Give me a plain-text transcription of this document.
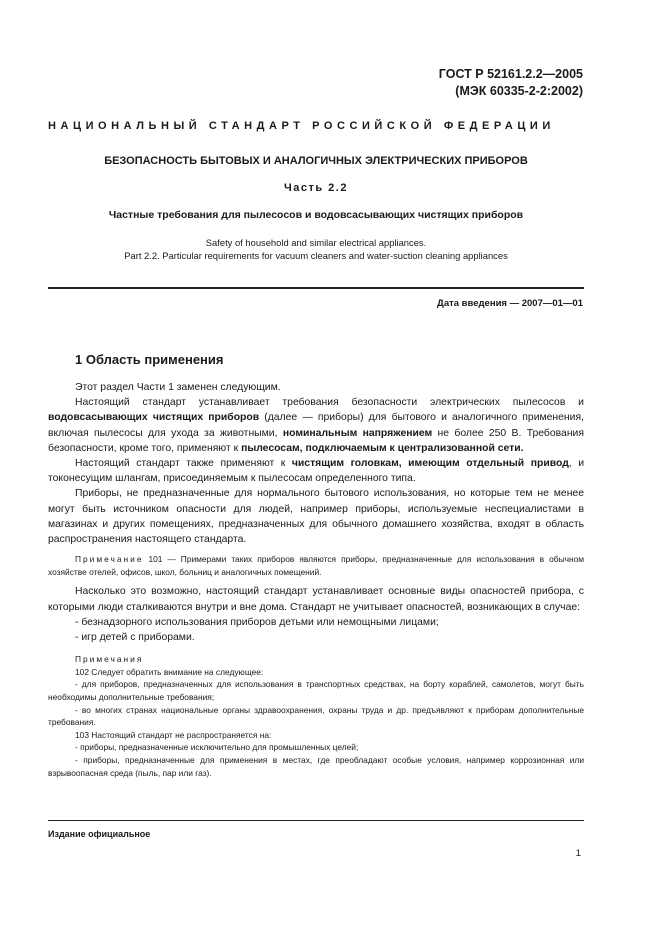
ГОСТ Р 52161.2.2—2005
(МЭК 60335-2-2:2002)
НАЦИОНАЛЬНЫЙ СТАНДАРТ РОССИЙСКОЙ ФЕДЕРАЦИИ
БЕЗОПАСНОСТЬ БЫТОВЫХ И АНАЛОГИЧНЫХ ЭЛЕКТРИЧЕСКИХ ПРИБОРОВ
Часть 2.2
Частные требования для пылесосов и водовсасывающих чистящих приборов
Safety of household and similar electrical appliances.
Part 2.2. Particular requirements for vacuum cleaners and water-suction cleaning appliances
Дата введения — 2007—01—01
1 Область применения

Этот раздел Части 1 заменен следующим.

Настоящий стандарт устанавливает требования безопасности электрических пылесосов и водовсасывающих чистящих приборов (далее — приборы) для бытового и аналогичного применения, включая пылесосы для ухода за животными, номинальным напряжением не более 250 В. Требования безопасности, кроме того, применяют к пылесосам, подключаемым к централизованной сети.

Настоящий стандарт также применяют к чистящим головкам, имеющим отдельный привод, и токонесущим шлангам, присоединяемым к пылесосам определенного типа.

Приборы, не предназначенные для нормального бытового использования, но которые тем не менее могут быть источником опасности для людей, например приборы, используемые неспециалистами в магазинах и других помещениях, предназначенных для обычного домашнего хозяйства, входят в область распространения настоящего стандарта.

Примечание 101 — Примерами таких приборов являются приборы, предназначенные для использования в обычном хозяйстве отелей, офисов, школ, больниц и аналогичных помещений.

Насколько это возможно, настоящий стандарт устанавливает основные виды опасностей прибора, с которыми люди сталкиваются внутри и вне дома. Стандарт не учитывает опасностей, возникающих в случае:

- безнадзорного использования приборов детьми или немощными лицами;

- игр детей с приборами.

Примечания

102 Следует обратить внимание на следующее:

- для приборов, предназначенных для использования в транспортных средствах, на борту кораблей, самолетов, могут быть необходимы дополнительные требования;

- во многих странах национальные органы здравоохранения, охраны труда и др. предъявляют к приборам дополнительные требования.

103 Настоящий стандарт не распространяется на:

- приборы, предназначенные исключительно для промышленных целей;

- приборы, предназначенные для применения в местах, где преобладают особые условия, например коррозионная или взрывоопасная среда (пыль, пар или газ).

Издание официальное
1
